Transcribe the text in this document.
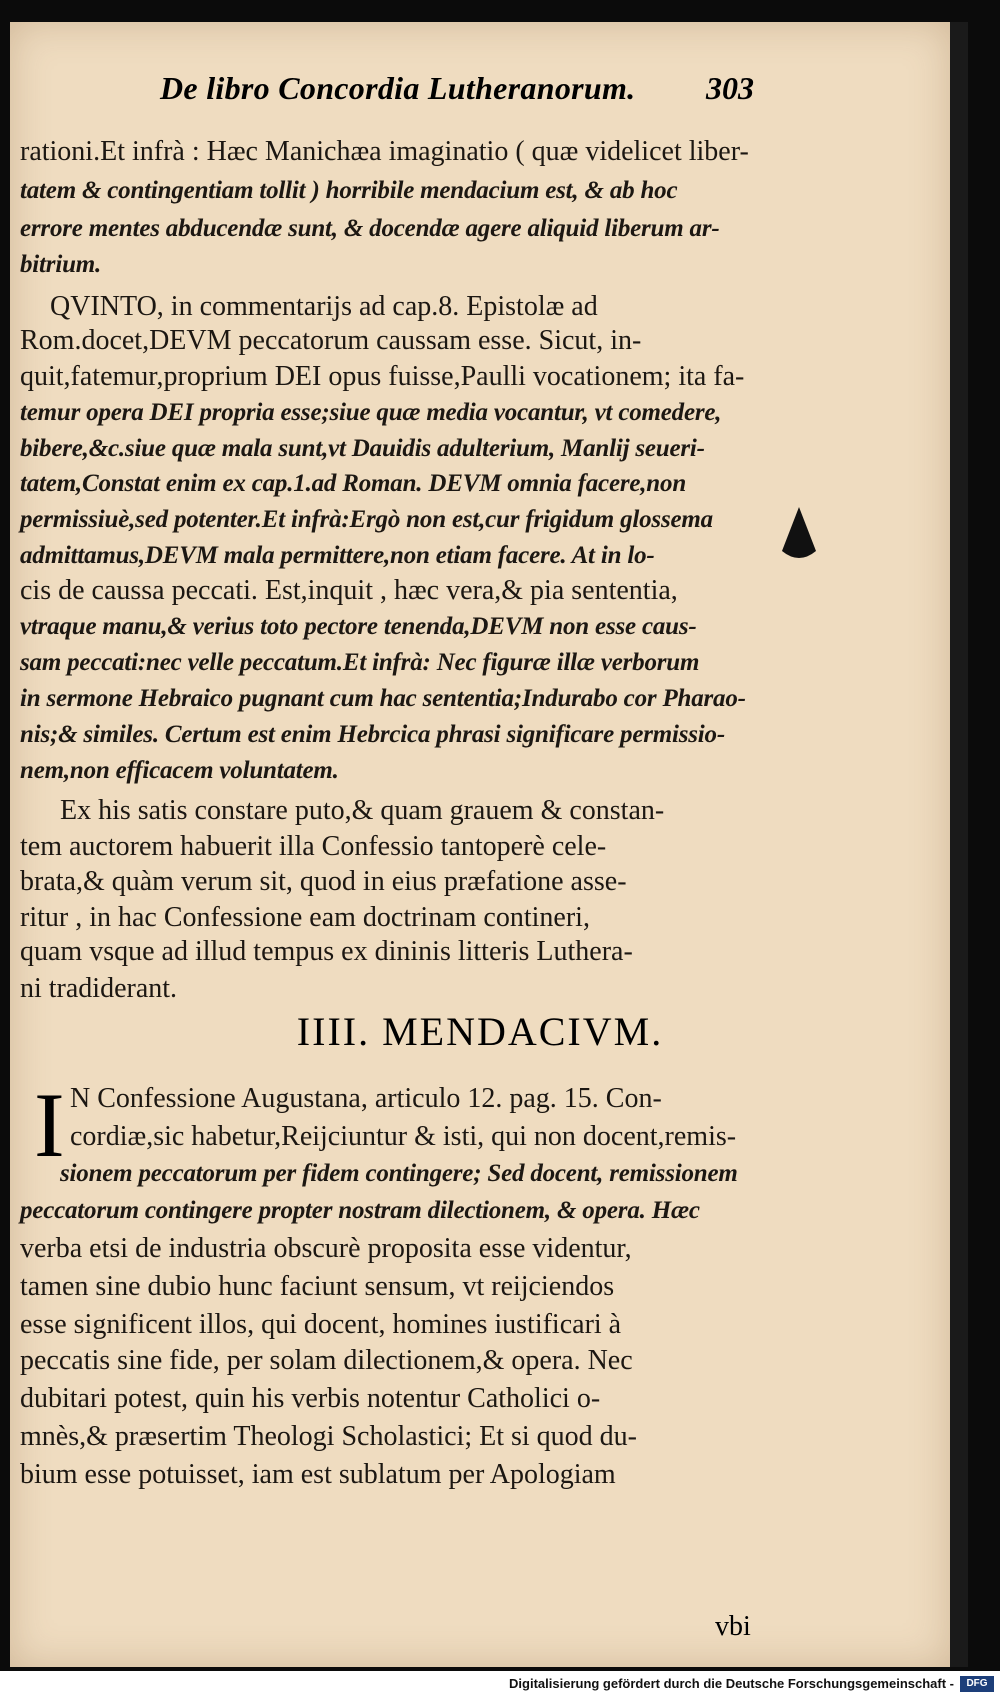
De libro Concordia Lutheranorum. 303
rationi.Et infrà : Hæc Manichæa imaginatio ( quæ videlicet liber-
tatem & contingentiam tollit ) horribile mendacium est, & ab hoc
errore mentes abducendæ sunt, & docendæ agere aliquid liberum ar-
bitrium.
QVINTO, in commentarijs ad cap.8. Epistolæ ad
Rom.docet,DEVM peccatorum caussam esse. Sicut, in-
quit,fatemur,proprium DEI opus fuisse,Paulli vocationem; ita fa-
temur opera DEI propria esse;siue quæ media vocantur, vt comedere,
bibere,&c.siue quæ mala sunt,vt Dauidis adulterium, Manlij seueri-
tatem,Constat enim ex cap.1.ad Roman. DEVM omnia facere,non
permissiuè,sed potenter.Et infrà:Ergò non est,cur frigidum glossema
admittamus,DEVM mala permittere,non etiam facere. At in lo-
cis de caussa peccati. Est,inquit , hæc vera,& pia sententia,
vtraque manu,& verius toto pectore tenenda,DEVM non esse caus-
sam peccati:nec velle peccatum.Et infrà: Nec figuræ illæ verborum
in sermone Hebraico pugnant cum hac sententia;Indurabo cor Pharao-
nis;& similes. Certum est enim Hebrcica phrasi significare permissio-
nem,non efficacem voluntatem.
Ex his satis constare puto,& quam grauem & constan-
tem auctorem habuerit illa Confessio tantoperè cele-
brata,& quàm verum sit, quod in eius præfatione asse-
ritur , in hac Confessione eam doctrinam contineri,
quam vsque ad illud tempus ex dininis litteris Luthera-
ni tradiderant.
IIII. MENDACIVM.
I N Confessione Augustana, articulo 12. pag. 15. Con-
cordiæ,sic habetur,Reijciuntur & isti, qui non docent,remis-
sionem peccatorum per fidem contingere; Sed docent, remissionem
peccatorum contingere propter nostram dilectionem, & opera. Hæc
verba etsi de industria obscurè proposita esse videntur,
tamen sine dubio hunc faciunt sensum, vt reijciendos
esse significent illos, qui docent, homines iustificari à
peccatis sine fide, per solam dilectionem,& opera. Nec
dubitari potest, quin his verbis notentur Catholici o-
mnès,& præsertim Theologi Scholastici; Et si quod du-
bium esse potuisset, iam est sublatum per Apologiam
vbi
Digitalisierung gefördert durch die Deutsche Forschungsgemeinschaft -	DFG
